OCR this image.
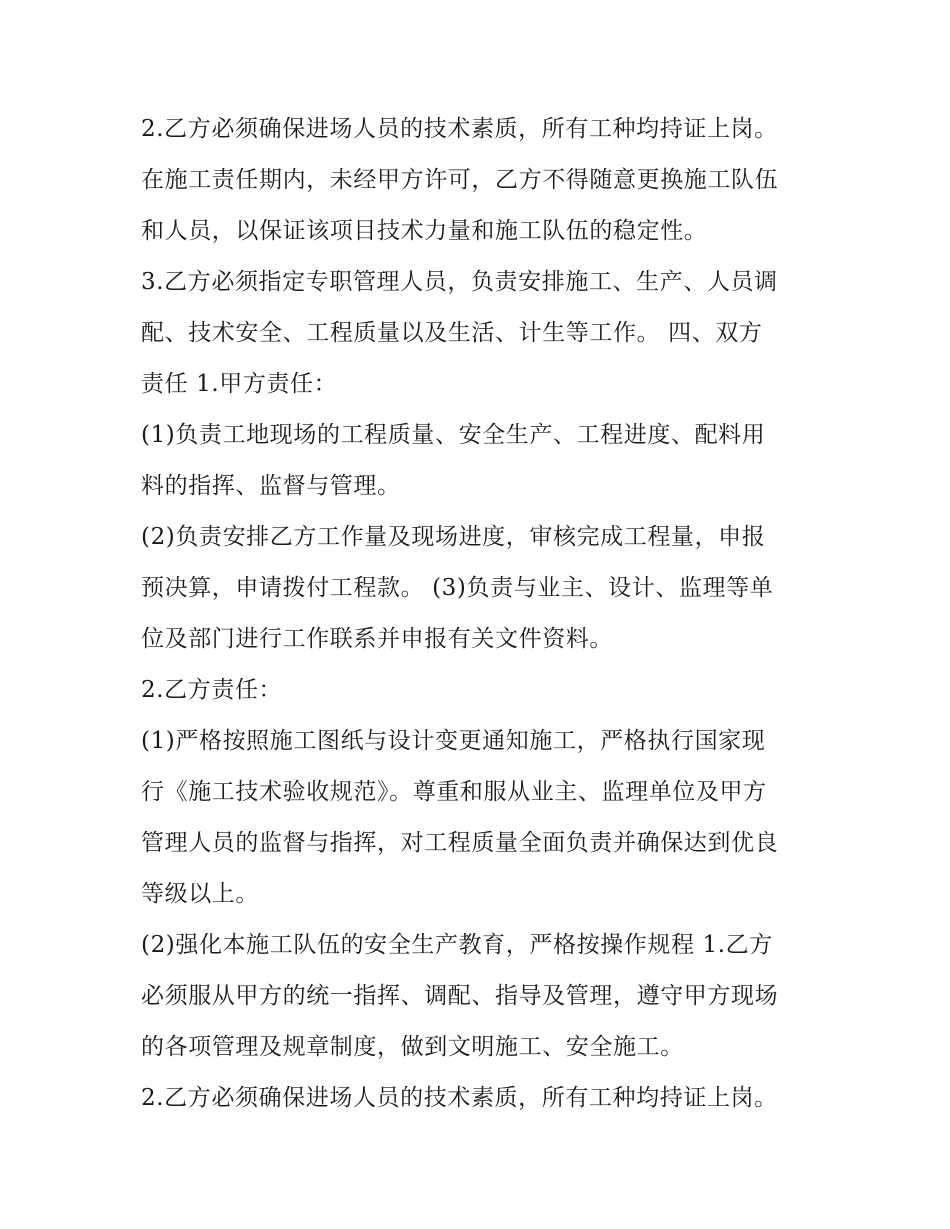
2.乙方必须确保进场人员的技术素质，所有工种均持证上岗。
在施工责任期内，未经甲方许可，乙方不得随意更换施工队伍
和人员，以保证该项目技术力量和施工队伍的稳定性。
3.乙方必须指定专职管理人员，负责安排施工、生产、人员调
配、技术安全、工程质量以及生活、计生等工作。 四、双方
责任 1.甲方责任：
(1)负责工地现场的工程质量、安全生产、工程进度、配料用
料的指挥、监督与管理。
(2)负责安排乙方工作量及现场进度，审核完成工程量，申报
预决算，申请拨付工程款。 (3)负责与业主、设计、监理等单
位及部门进行工作联系并申报有关文件资料。
2.乙方责任：
(1)严格按照施工图纸与设计变更通知施工，严格执行国家现
行《施工技术验收规范》。尊重和服从业主、监理单位及甲方
管理人员的监督与指挥，对工程质量全面负责并确保达到优良
等级以上。
(2)强化本施工队伍的安全生产教育，严格按操作规程 1.乙方
必须服从甲方的统一指挥、调配、指导及管理，遵守甲方现场
的各项管理及规章制度，做到文明施工、安全施工。
2.乙方必须确保进场人员的技术素质，所有工种均持证上岗。
